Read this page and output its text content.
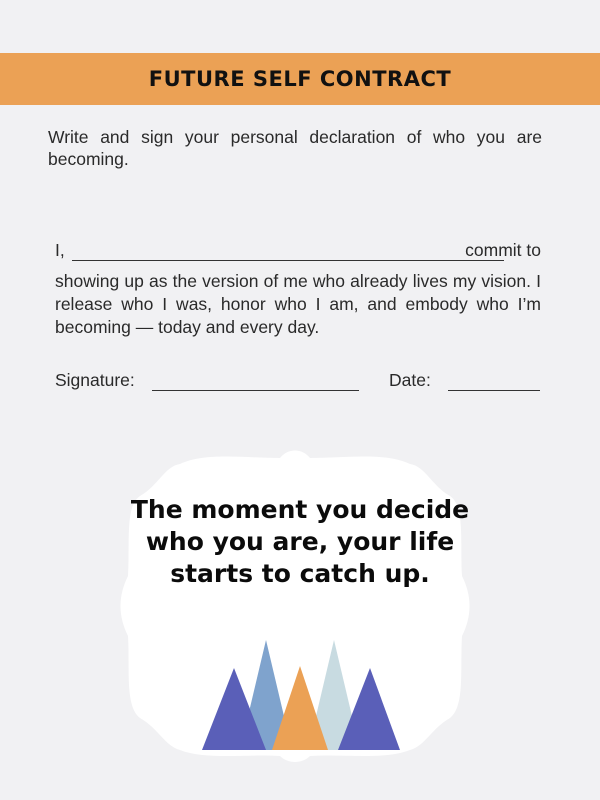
FUTURE SELF CONTRACT
Write and sign your personal declaration of who you are becoming.
I,	commit to
showing up as the version of me who already lives my vision. I release who I was, honor who I am, and embody who I’m becoming — today and every day.
Signature:	Date:
The moment you decide who you are, your life starts to catch up.
